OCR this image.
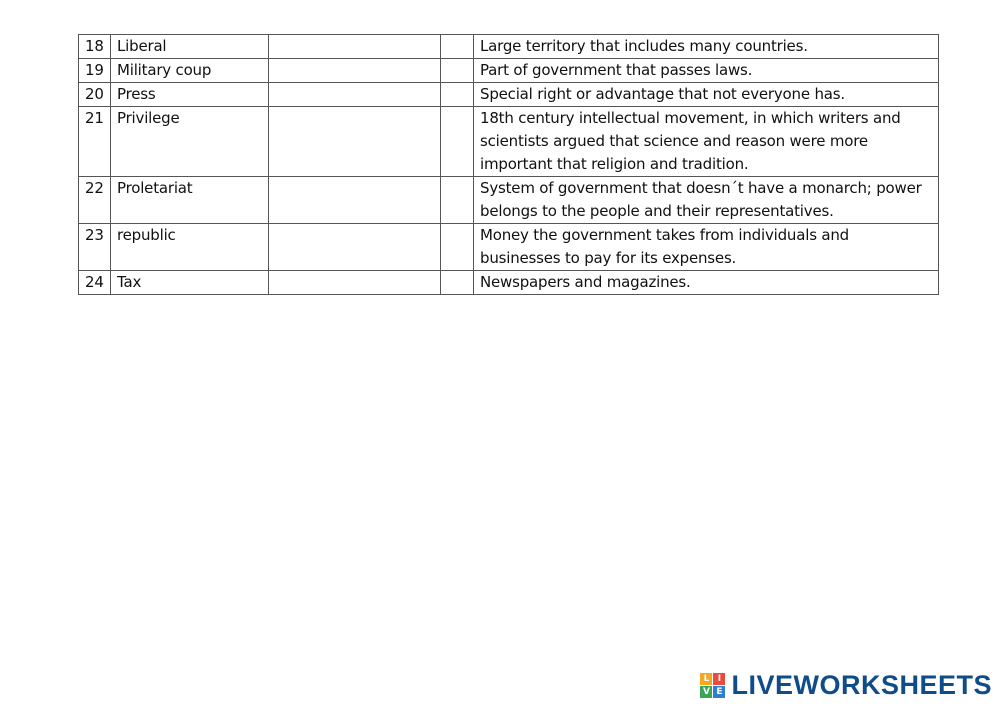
18	Liberal			Large territory that includes many countries.
19	Military coup			Part of government that passes laws.
20	Press			Special right or advantage that not everyone has.
21	Privilege			18th century intellectual movement, in which writers and scientists argued that science and reason were more important that religion and tradition.
22	Proletariat			System of government that doesn´t have a monarch; power belongs to the people and their representatives.
23	republic			Money the government takes from individuals and businesses to pay for its expenses.
24	Tax			Newspapers and magazines.
L I
V E LIVEWORKSHEETS
